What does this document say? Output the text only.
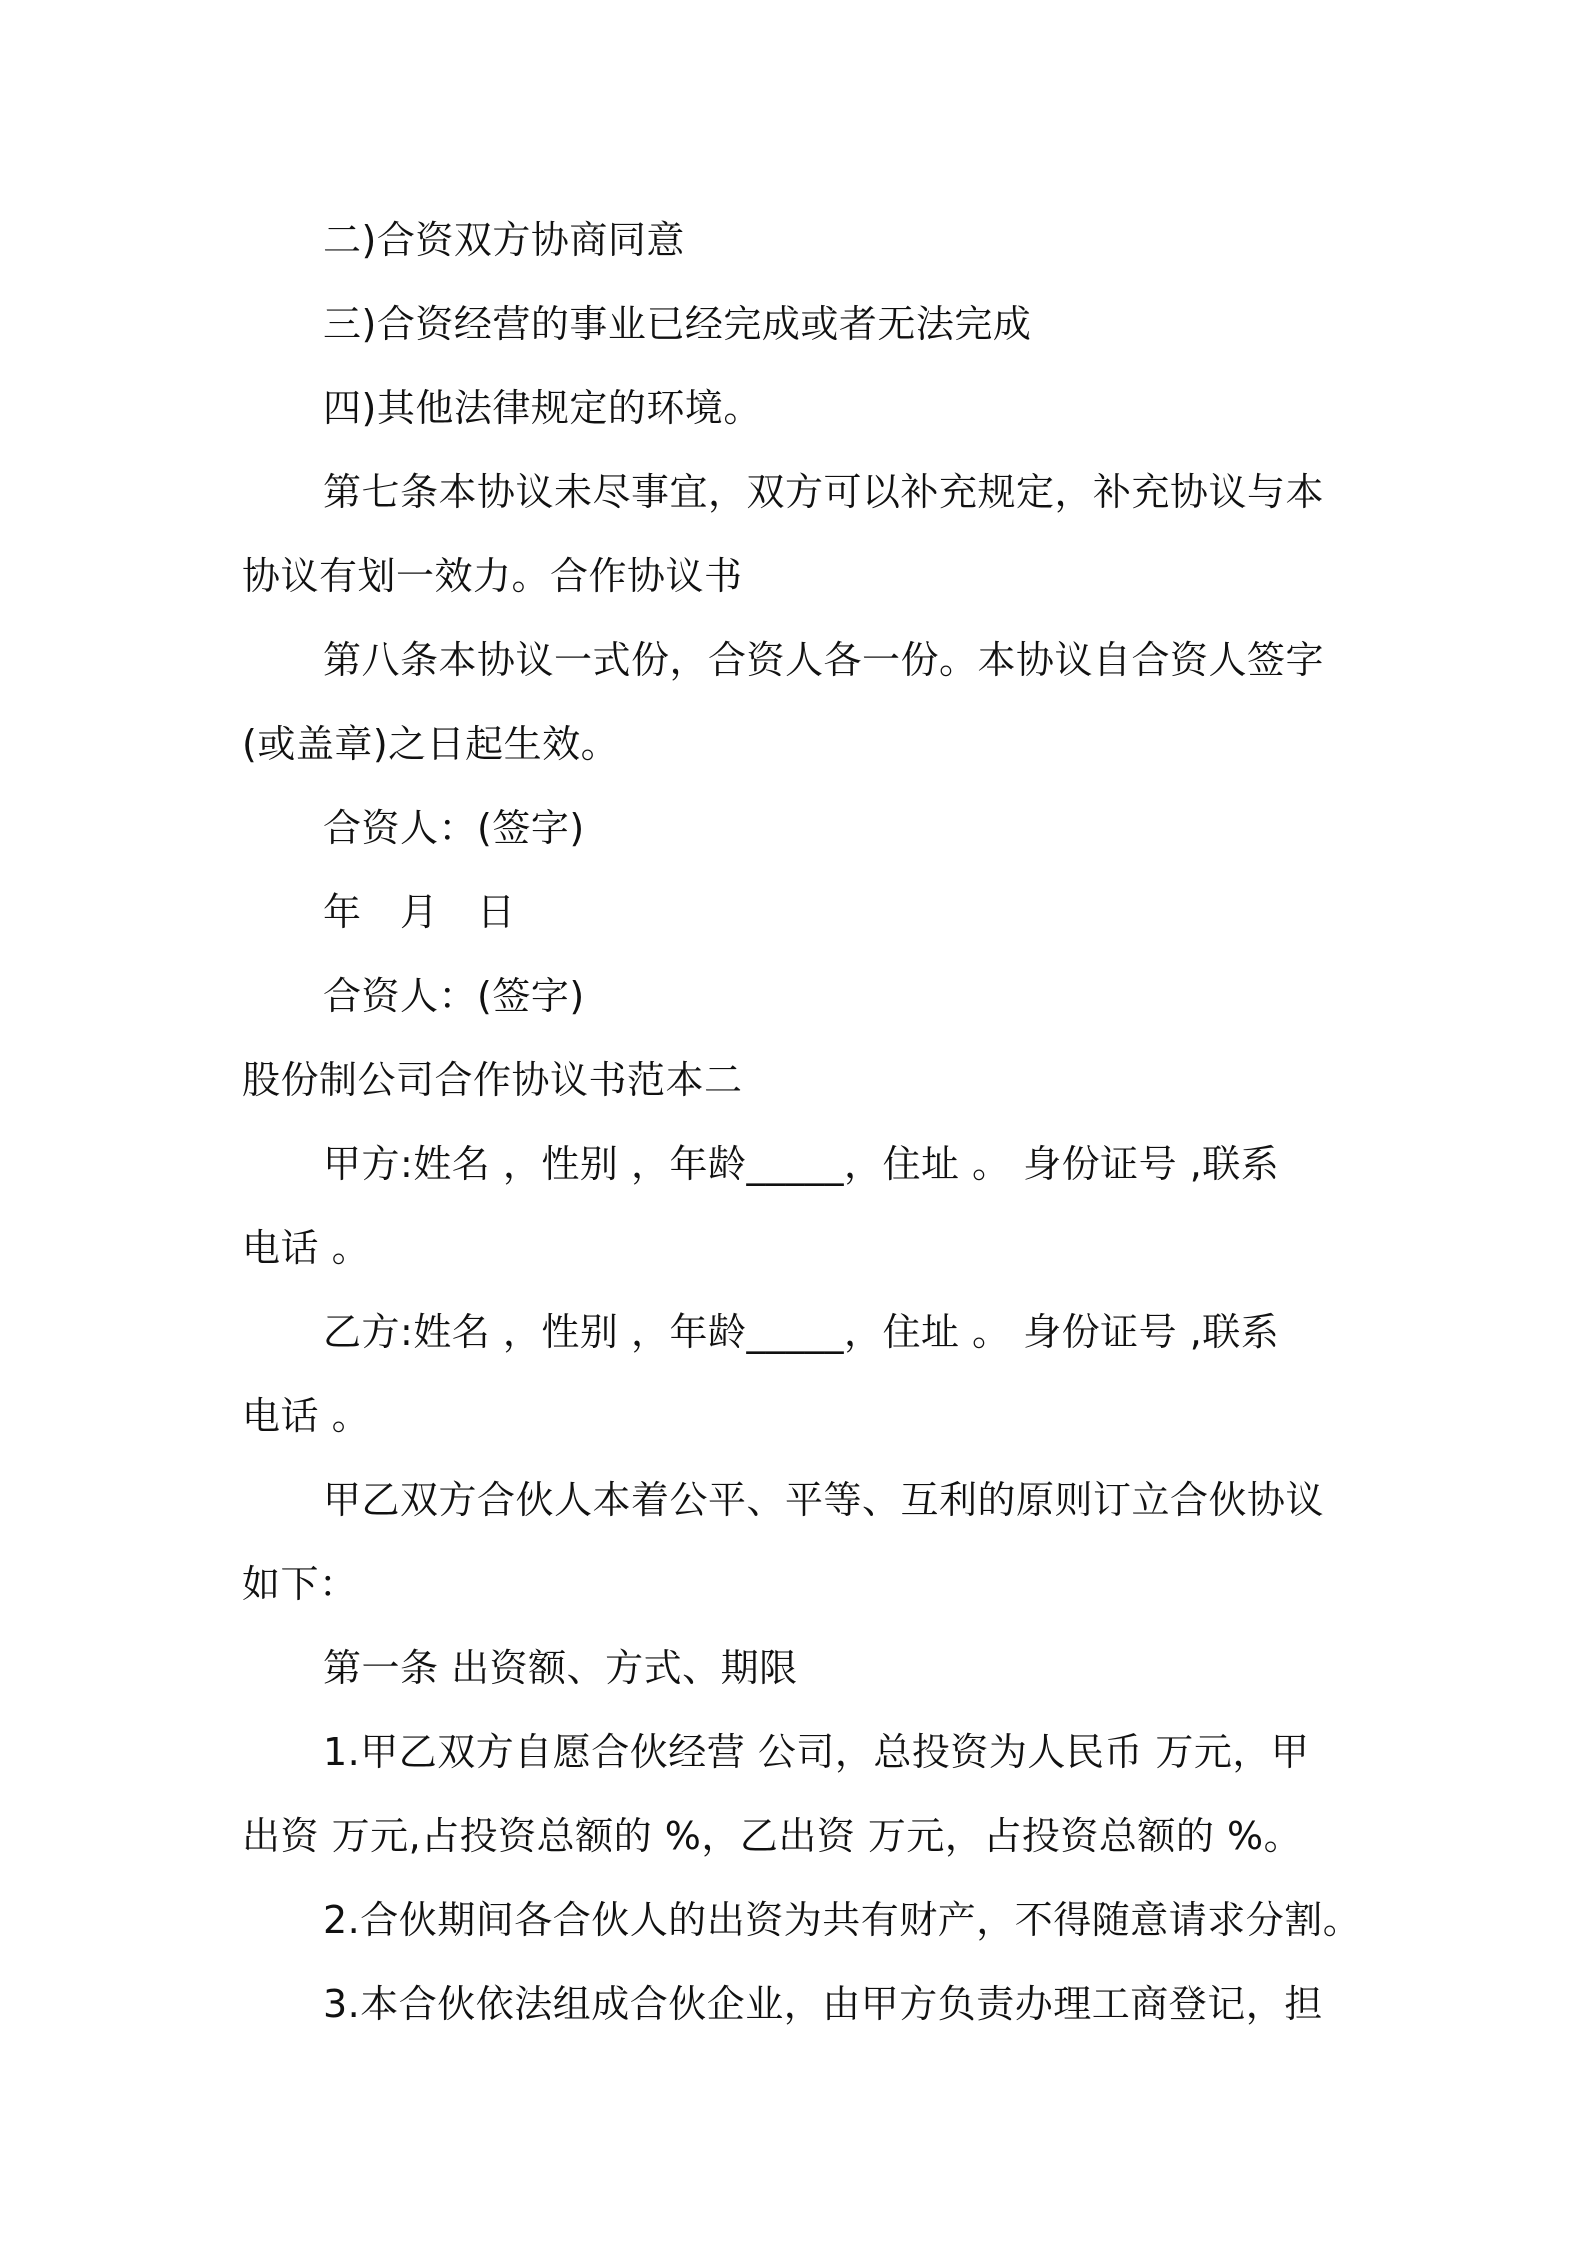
二)合资双方协商同意
三)合资经营的事业已经完成或者无法完成
四)其他法律规定的环境。
第七条本协议未尽事宜，双方可以补充规定，补充协议与本
协议有划一效力。合作协议书
第八条本协议一式份，合资人各一份。本协议自合资人签字
(或盖章)之日起生效。
合资人：(签字)
年　月　日
合资人：(签字)
股份制公司合作协议书范本二
甲方:姓名 ，性别 ，年龄_____，住址 。 身份证号 ,联系
电话 。
乙方:姓名 ，性别 ，年龄_____，住址 。 身份证号 ,联系
电话 。
甲乙双方合伙人本着公平、平等、互利的原则订立合伙协议
如下：
第一条 出资额、方式、期限
1.甲乙双方自愿合伙经营 公司，总投资为人民币 万元，甲
出资 万元,占投资总额的 %，乙出资 万元，占投资总额的 %。
2.合伙期间各合伙人的出资为共有财产，不得随意请求分割。
3.本合伙依法组成合伙企业，由甲方负责办理工商登记，担
